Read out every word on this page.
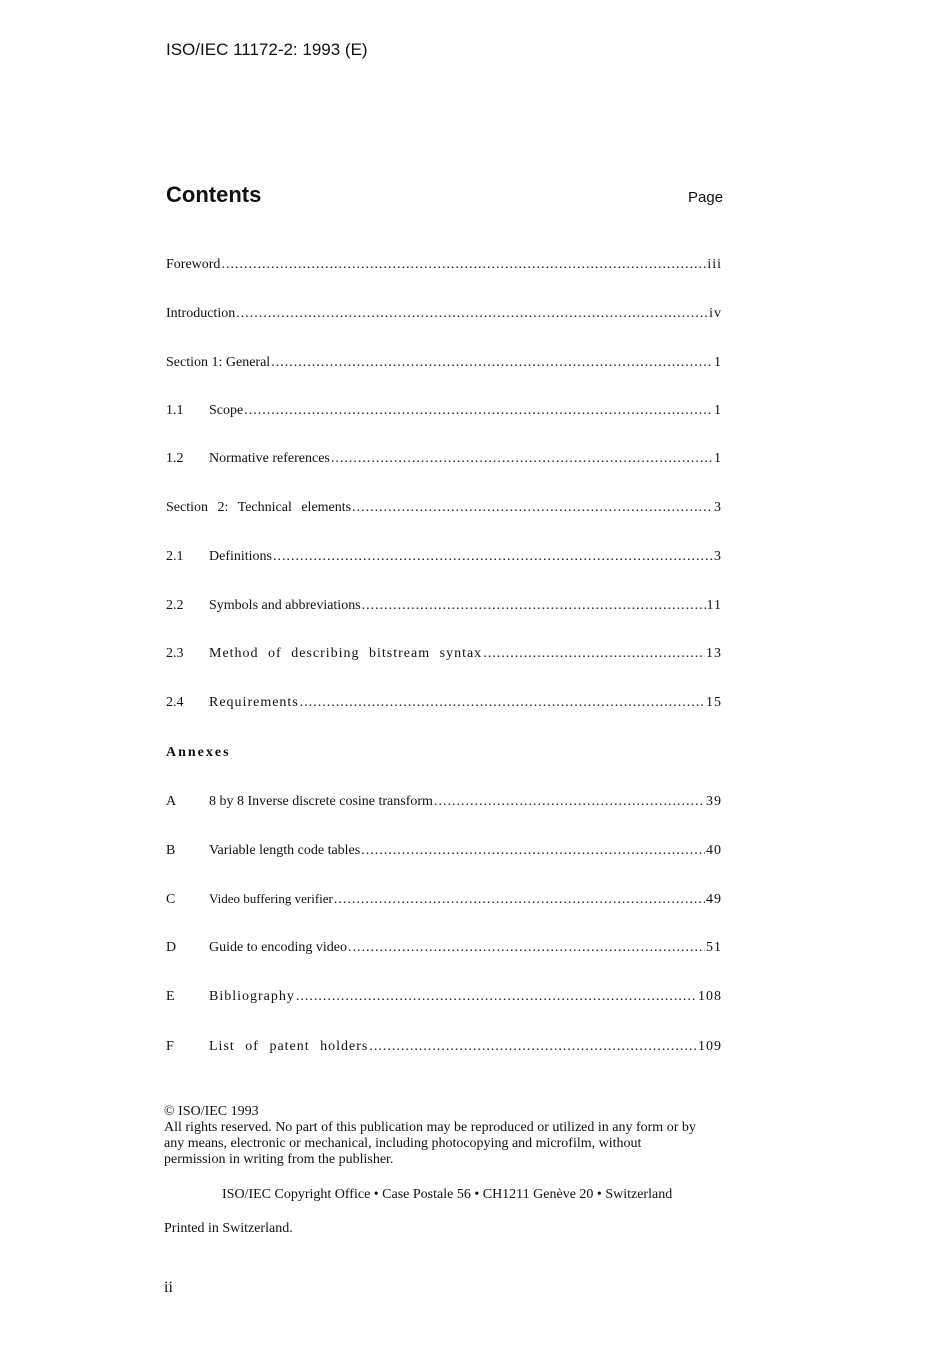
ISO/IEC 11172-2: 1993 (E)
Contents	Page
Foreword .....	iii
Introduction .....	iv
Section 1: General .....	1
1.1	Scope .....	1
1.2	Normative references .....	1
Section 2: Technical elements .....	3
2.1	Definitions .....	3
2.2	Symbols and abbreviations .....	11
2.3	Method of describing bitstream syntax .....	13
2.4	Requirements .....	15
Annexes
A	8 by 8 Inverse discrete cosine transform .....	39
B	Variable length code tables .....	40
C	Video buffering verifier .....	49
D	Guide to encoding video .....	51
E	Bibliography .....	108
F	List of patent holders .....	109
© ISO/IEC 1993
All rights reserved. No part of this publication may be reproduced or utilized in any form or by
any means, electronic or mechanical, including photocopying and microfilm, without
permission in writing from the publisher.
ISO/IEC Copyright Office • Case Postale 56 • CH1211 Genève 20 • Switzerland
Printed in Switzerland.
ii
